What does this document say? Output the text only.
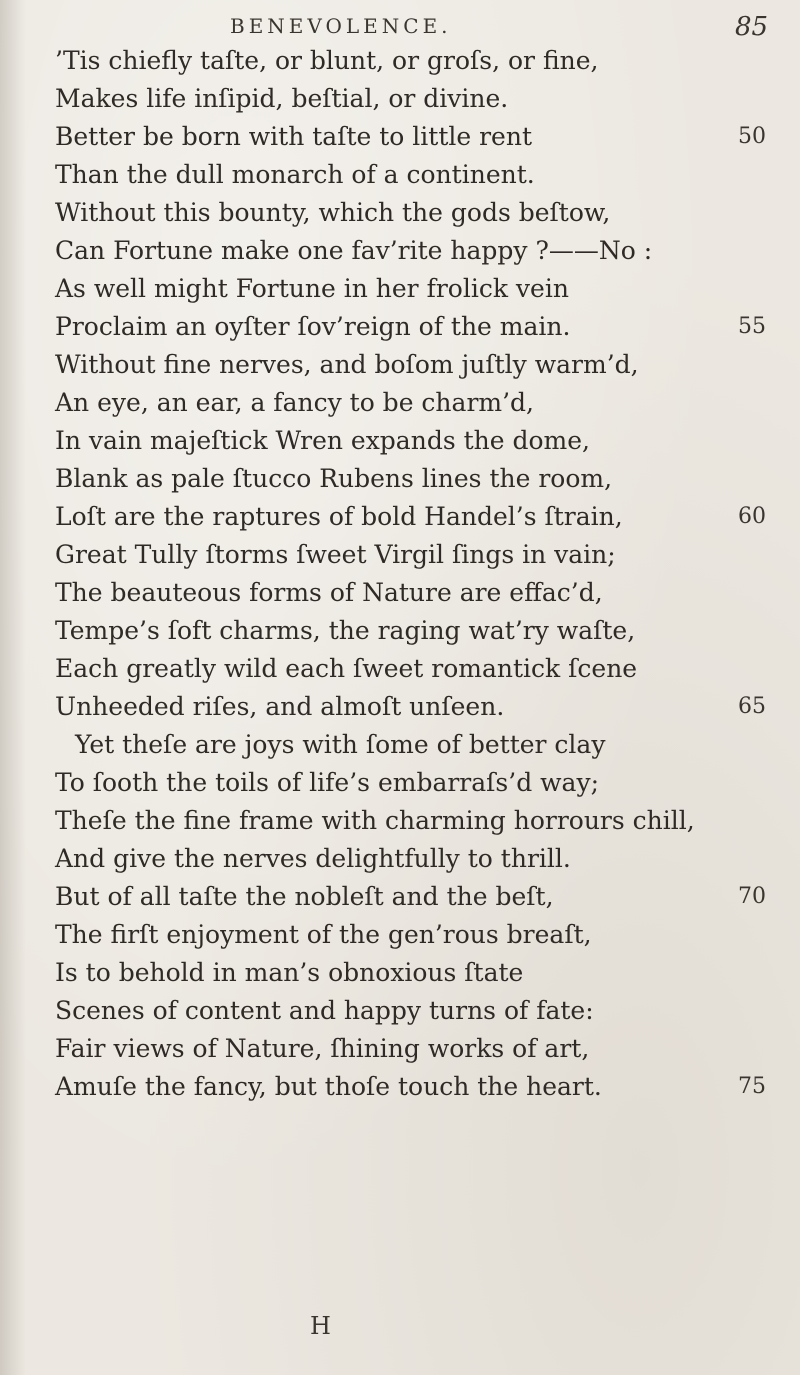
BENEVOLENCE.	85
’Tis chiefly taſte, or blunt, or groſs, or fine,
Makes life inſipid, beſtial, or divine.
Better be born with taſte to little rent
Than the dull monarch of a continent.
Without this bounty, which the gods beſtow,
Can Fortune make one fav’rite happy ?——No :
As well might Fortune in her frolick vein
Proclaim an oyſter ſov’reign of the main.
Without fine nerves, and boſom juſtly warm’d,
An eye, an ear, a fancy to be charm’d,
In vain majeſtick Wren expands the dome,
Blank as pale ſtucco Rubens lines the room,
Loſt are the raptures of bold Handel’s ſtrain,
Great Tully ſtorms ſweet Virgil ſings in vain;
The beauteous forms of Nature are effac’d,
Tempe’s ſoft charms, the raging wat’ry waſte,
Each greatly wild each ſweet romantick ſcene
Unheeded riſes, and almoſt unſeen.
Yet theſe are joys with ſome of better clay
To ſooth the toils of life’s embarraſs’d way;
Theſe the fine frame with charming horrours chill,
And give the nerves delightfully to thrill.
But of all taſte the nobleſt and the beſt,
The firſt enjoyment of the gen’rous breaſt,
Is to behold in man’s obnoxious ſtate
Scenes of content and happy turns of fate:
Fair views of Nature, ſhining works of art,
Amuſe the fancy, but thoſe touch the heart.
50
55
60
65
70
75
H
